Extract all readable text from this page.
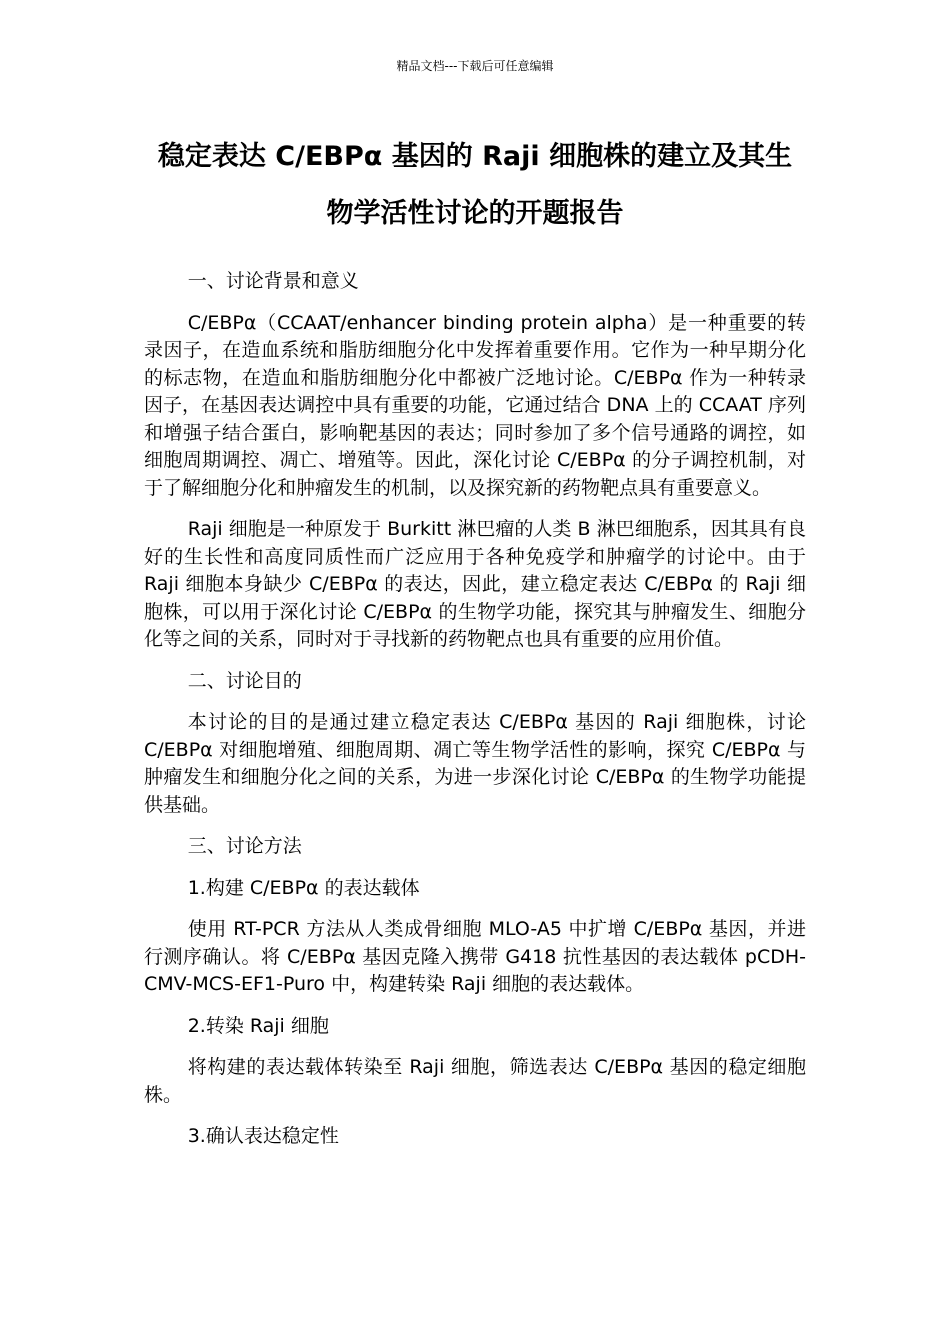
精品文档---下载后可任意编辑
稳定表达 C/EBPα 基因的 Raji 细胞株的建立及其生
物学活性讨论的开题报告

一、讨论背景和意义

C/EBPα（CCAAT/enhancer binding protein alpha）是一种重要的转录因子，在造血系统和脂肪细胞分化中发挥着重要作用。它作为一种早期分化的标志物，在造血和脂肪细胞分化中都被广泛地讨论。C/EBPα 作为一种转录因子，在基因表达调控中具有重要的功能，它通过结合 DNA 上的 CCAAT 序列和增强子结合蛋白，影响靶基因的表达；同时参加了多个信号通路的调控，如细胞周期调控、凋亡、增殖等。因此，深化讨论 C/EBPα 的分子调控机制，对于了解细胞分化和肿瘤发生的机制，以及探究新的药物靶点具有重要意义。

Raji 细胞是一种原发于 Burkitt 淋巴瘤的人类 B 淋巴细胞系，因其具有良好的生长性和高度同质性而广泛应用于各种免疫学和肿瘤学的讨论中。由于 Raji 细胞本身缺少 C/EBPα 的表达，因此，建立稳定表达 C/EBPα 的 Raji 细胞株，可以用于深化讨论 C/EBPα 的生物学功能，探究其与肿瘤发生、细胞分化等之间的关系，同时对于寻找新的药物靶点也具有重要的应用价值。

二、讨论目的

本讨论的目的是通过建立稳定表达 C/EBPα 基因的 Raji 细胞株，讨论 C/EBPα 对细胞增殖、细胞周期、凋亡等生物学活性的影响，探究 C/EBPα 与肿瘤发生和细胞分化之间的关系，为进一步深化讨论 C/EBPα 的生物学功能提供基础。

三、讨论方法

1.构建 C/EBPα 的表达载体

使用 RT-PCR 方法从人类成骨细胞 MLO-A5 中扩增 C/EBPα 基因，并进行测序确认。将 C/EBPα 基因克隆入携带 G418 抗性基因的表达载体 pCDH-CMV-MCS-EF1-Puro 中，构建转染 Raji 细胞的表达载体。

2.转染 Raji 细胞

将构建的表达载体转染至 Raji 细胞，筛选表达 C/EBPα 基因的稳定细胞株。

3.确认表达稳定性
